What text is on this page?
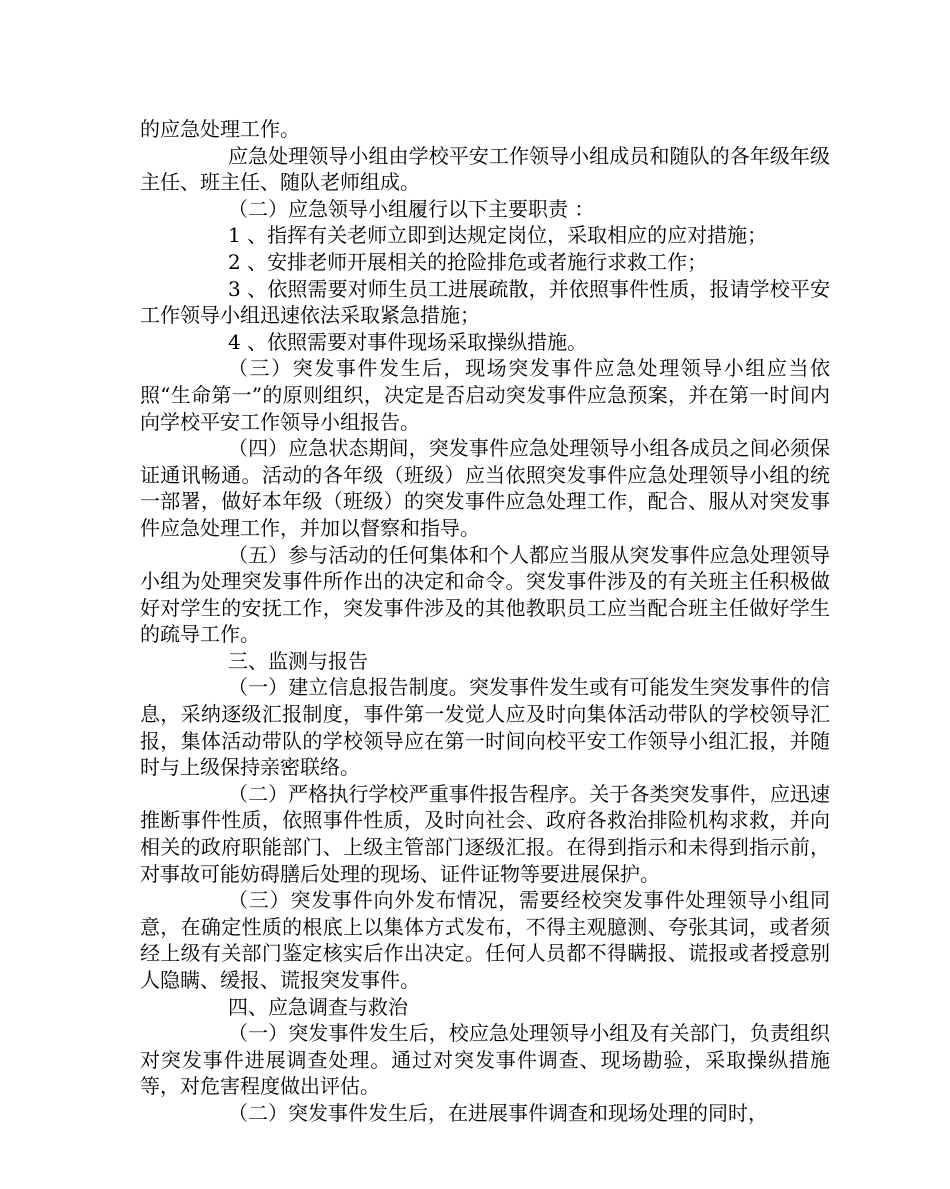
的应急处理工作。

应急处理领导小组由学校平安工作领导小组成员和随队的各年级年级主任、班主任、随队老师组成。

（二）应急领导小组履行以下主要职责 ：

1 、指挥有关老师立即到达规定岗位，采取相应的应对措施；

2 、安排老师开展相关的抢险排危或者施行求救工作；

3 、依照需要对师生员工进展疏散，并依照事件性质，报请学校平安工作领导小组迅速依法采取紧急措施；

4 、依照需要对事件现场采取操纵措施。

（三）突发事件发生后，现场突发事件应急处理领导小组应当依照“生命第一”的原则组织，决定是否启动突发事件应急预案，并在第一时间内向学校平安工作领导小组报告。

（四）应急状态期间，突发事件应急处理领导小组各成员之间必须保证通讯畅通。活动的各年级（班级）应当依照突发事件应急处理领导小组的统一部署，做好本年级（班级）的突发事件应急处理工作，配合、服从对突发事件应急处理工作，并加以督察和指导。

（五）参与活动的任何集体和个人都应当服从突发事件应急处理领导小组为处理突发事件所作出的决定和命令。突发事件涉及的有关班主任积极做好对学生的安抚工作，突发事件涉及的其他教职员工应当配合班主任做好学生的疏导工作。

三、监测与报告

（一）建立信息报告制度。突发事件发生或有可能发生突发事件的信息，采纳逐级汇报制度，事件第一发觉人应及时向集体活动带队的学校领导汇报，集体活动带队的学校领导应在第一时间向校平安工作领导小组汇报，并随时与上级保持亲密联络。

（二）严格执行学校严重事件报告程序。关于各类突发事件，应迅速推断事件性质，依照事件性质，及时向社会、政府各救治排险机构求救，并向相关的政府职能部门、上级主管部门逐级汇报。在得到指示和未得到指示前，对事故可能妨碍膳后处理的现场、证件证物等要进展保护。

（三）突发事件向外发布情况，需要经校突发事件处理领导小组同意，在确定性质的根底上以集体方式发布，不得主观臆测、夸张其词，或者须经上级有关部门鉴定核实后作出决定。任何人员都不得瞒报、谎报或者授意别人隐瞒、缓报、谎报突发事件。

四、应急调查与救治

（一）突发事件发生后，校应急处理领导小组及有关部门，负责组织对突发事件进展调查处理。通过对突发事件调查、现场勘验，采取操纵措施等，对危害程度做出评估。

（二）突发事件发生后，在进展事件调查和现场处理的同时，
